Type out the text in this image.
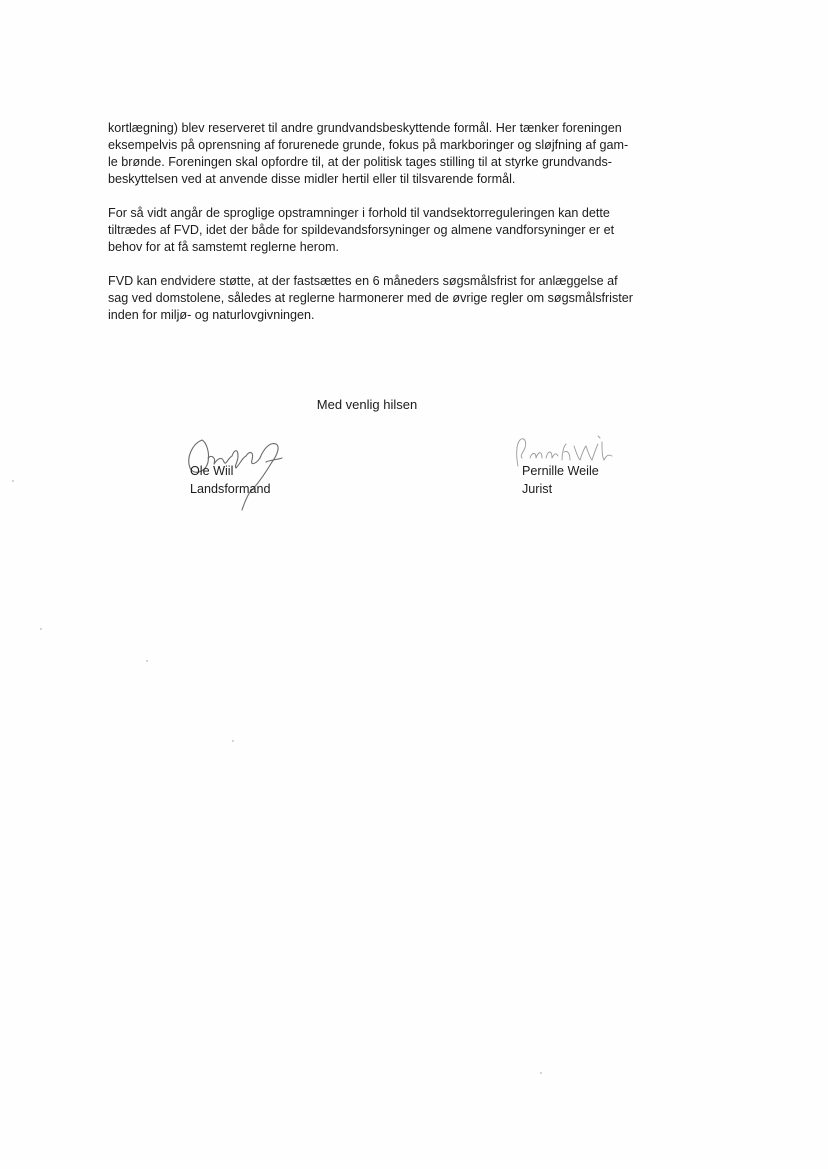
kortlægning) blev reserveret til andre grundvandsbeskyttende formål. Her tænker foreningen
eksempelvis på oprensning af forurenede grunde, fokus på markboringer og sløjfning af gam-
le brønde. Foreningen skal opfordre til, at der politisk tages stilling til at styrke grundvands-
beskyttelsen ved at anvende disse midler hertil eller til tilsvarende formål.

For så vidt angår de sproglige opstramninger i forhold til vandsektorreguleringen kan dette
tiltrædes af FVD, idet der både for spildevandsforsyninger og almene vandforsyninger er et
behov for at få samstemt reglerne herom.

FVD kan endvidere støtte, at der fastsættes en 6 måneders søgsmålsfrist for anlæggelse af
sag ved domstolene, således at reglerne harmonerer med de øvrige regler om søgsmålsfrister
inden for miljø- og naturlovgivningen.

Med venlig hilsen
Ole Wiil
Landsformand
Pernille Weile
Jurist
